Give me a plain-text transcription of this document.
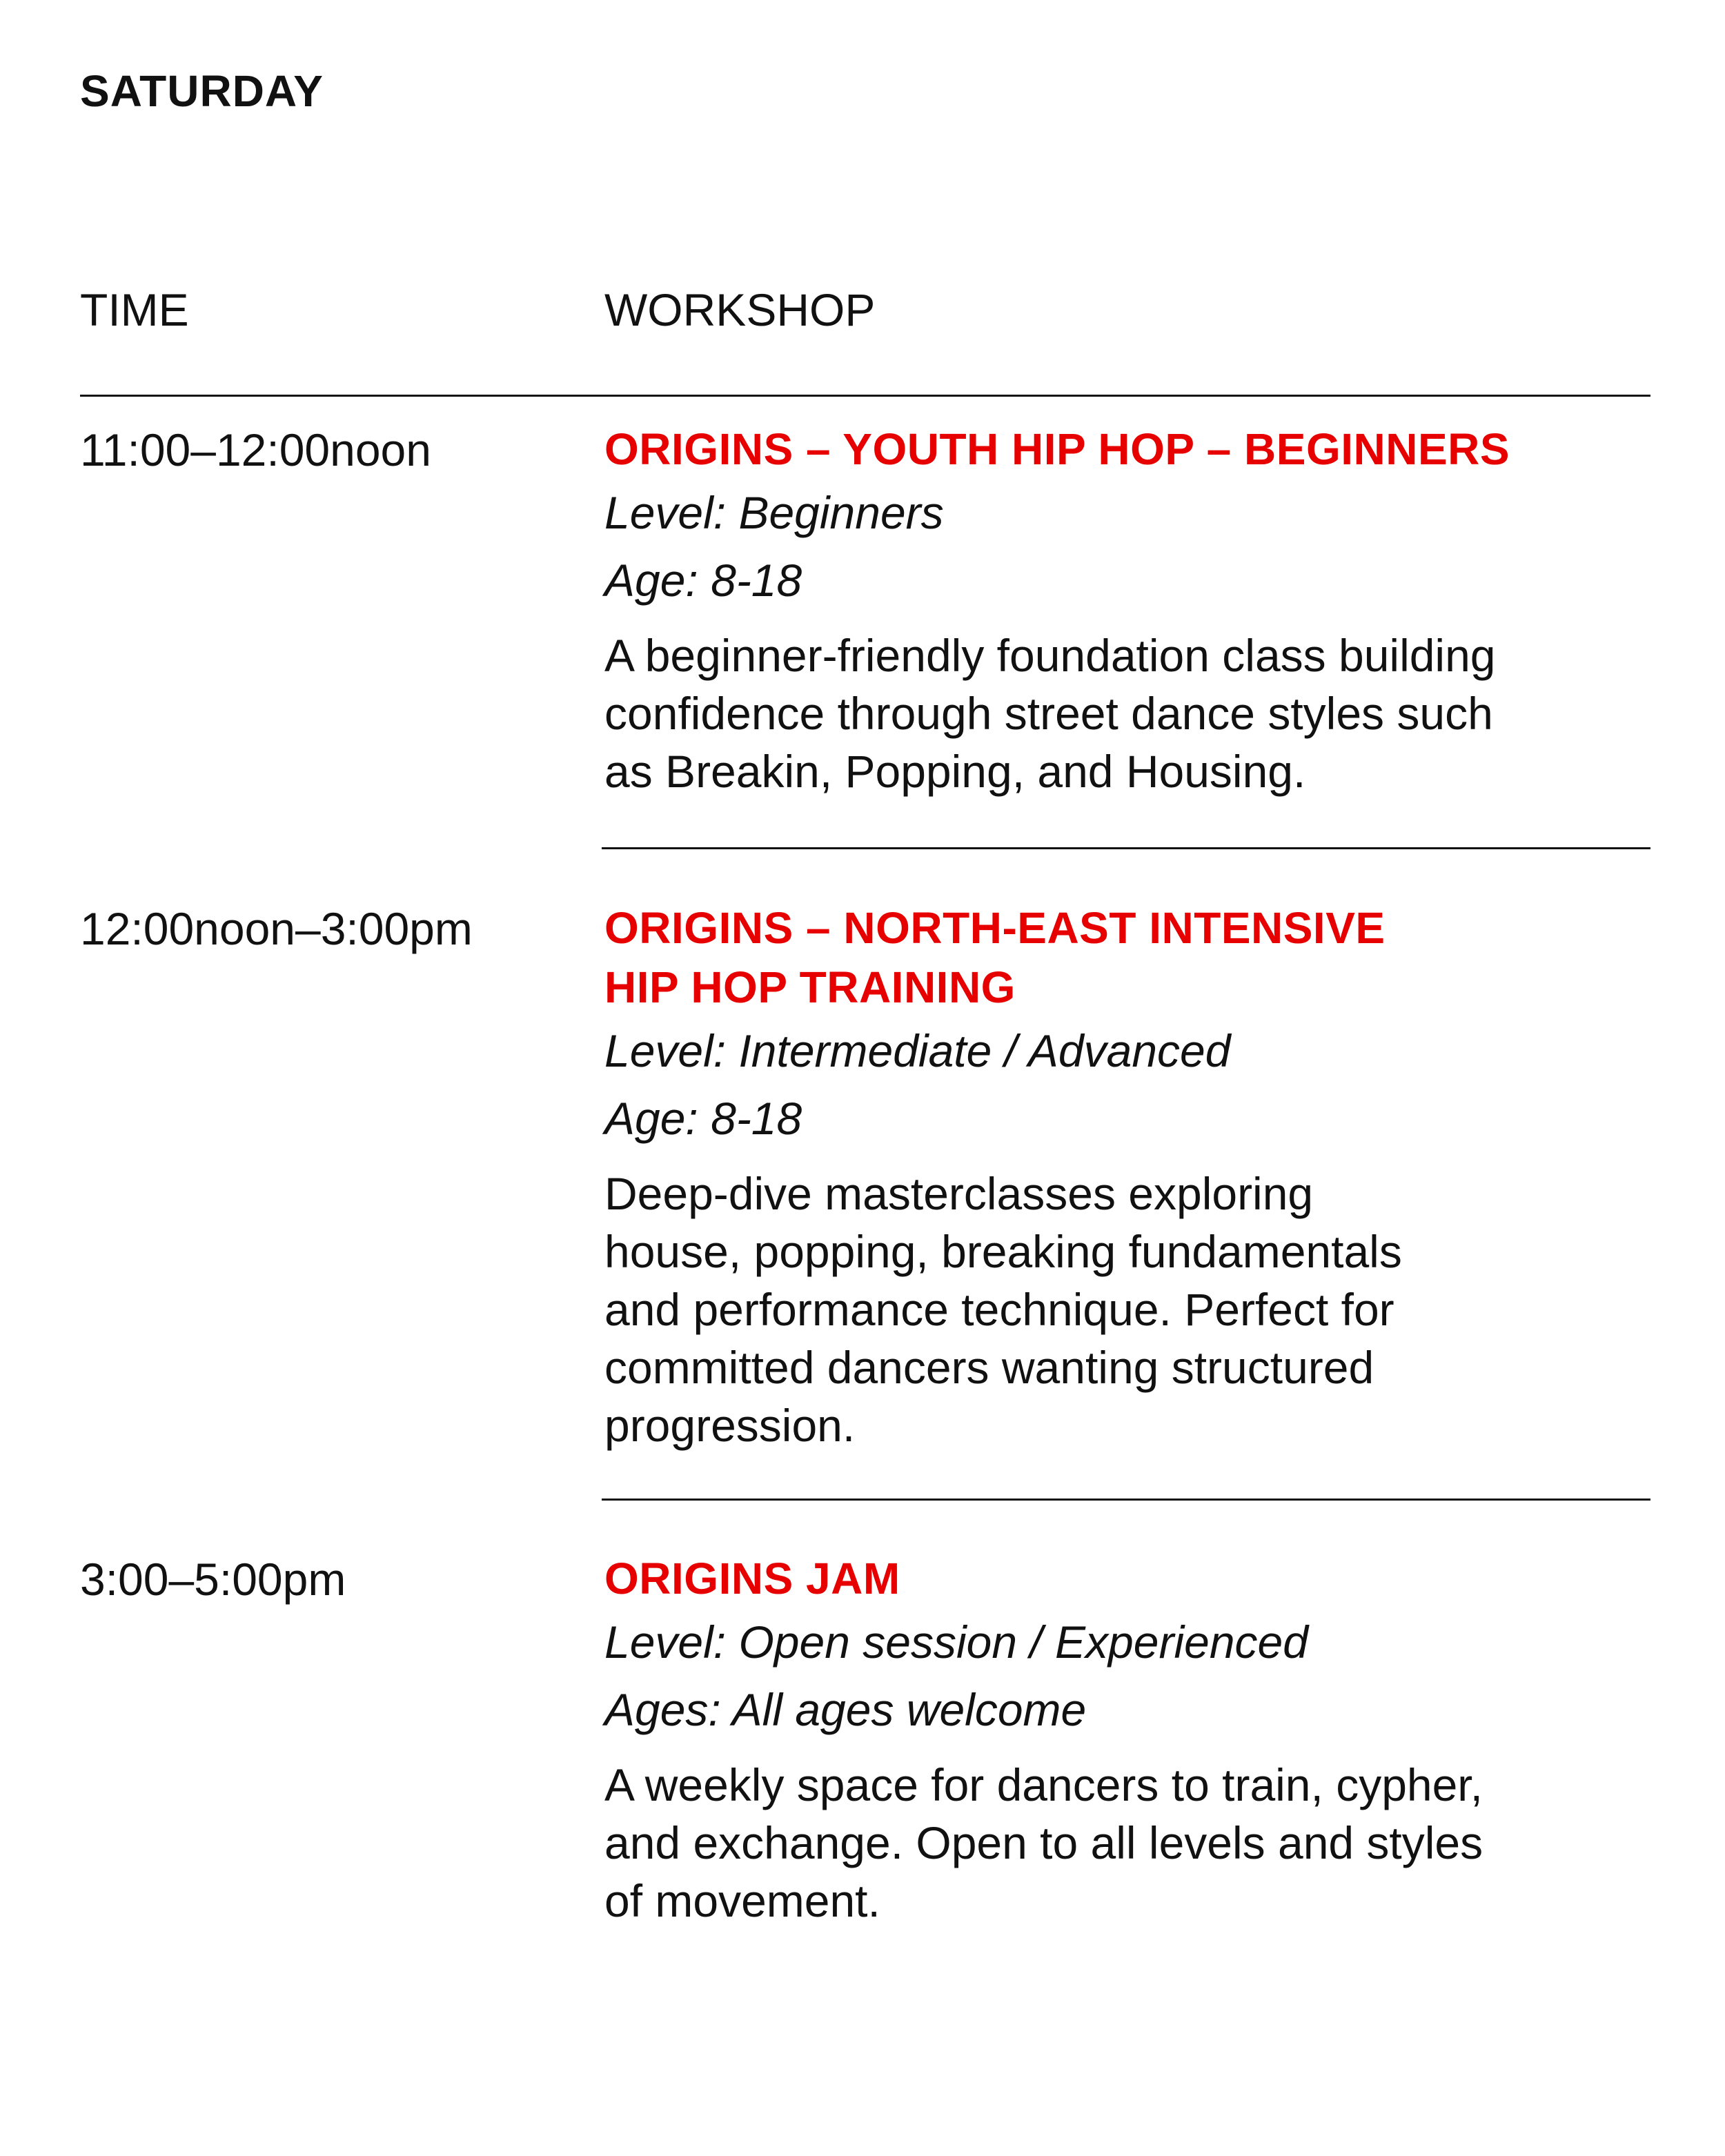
SATURDAY
TIME	WORKSHOP
11:00–12:00noon	ORIGINS – YOUTH HIP HOP – BEGINNERS

Level: Beginners

Age: 8-18

A beginner-friendly foundation class building
confidence through street dance styles such
as Breakin, Popping, and Housing.

12:00noon–3:00pm	ORIGINS – NORTH-EAST INTENSIVE
HIP HOP TRAINING

Level: Intermediate / Advanced

Age: 8-18

Deep-dive masterclasses exploring
house, popping, breaking fundamentals
and performance technique. Perfect for
committed dancers wanting structured
progression.

3:00–5:00pm	ORIGINS JAM

Level: Open session / Experienced

Ages: All ages welcome

A weekly space for dancers to train, cypher,
and exchange. Open to all levels and styles
of movement.
